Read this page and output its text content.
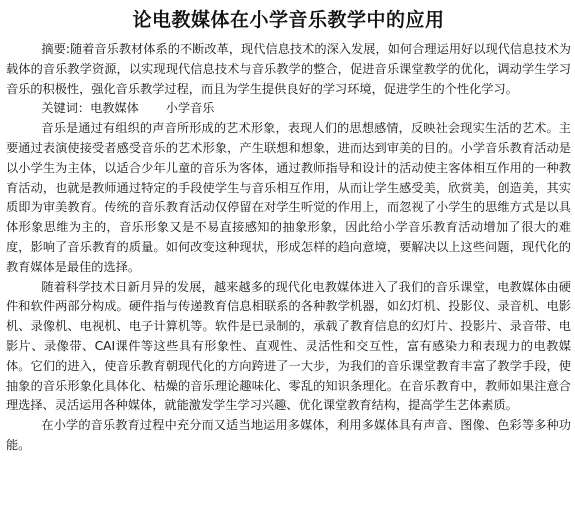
论电教媒体在小学音乐教学中的应用

摘要:随着音乐教材体系的不断改革，现代信息技术的深入发展，如何合理运用好以现代信息技术为载体的音乐教学资源，以实现现代信息技术与音乐教学的整合，促进音乐课堂教学的优化，调动学生学习音乐的积极性，强化音乐教学过程，而且为学生提供良好的学习环境，促进学生的个性化学习。

关键词：电教媒体 小学音乐

音乐是通过有组织的声音所形成的艺术形象，表现人们的思想感情，反映社会现实生活的艺术。主要通过表演使接受者感受音乐的艺术形象，产生联想和想象，进而达到审美的目的。小学音乐教育活动是以小学生为主体，以适合少年儿童的音乐为客体，通过教师指导和设计的活动使主客体相互作用的一种教育活动，也就是教师通过特定的手段使学生与音乐相互作用，从而让学生感受美，欣赏美，创造美，其实质即为审美教育。传统的音乐教育活动仅停留在对学生听觉的作用上，而忽视了小学生的思维方式是以具体形象思维为主的，音乐形象又是不易直接感知的抽象形象，因此给小学音乐教育活动增加了很大的难度，影响了音乐教育的质量。如何改变这种现状，形成怎样的趋向意境，要解决以上这些问题，现代化的教育媒体是最佳的选择。

随着科学技术日新月异的发展，越来越多的现代化电教媒体进入了我们的音乐课堂，电教媒体由硬件和软件两部分构成。硬件指与传递教育信息相联系的各种教学机器，如幻灯机、投影仪、录音机、电影机、录像机、电视机、电子计算机等。软件是已录制的，承载了教育信息的幻灯片、投影片、录音带、电影片、录像带、CAI课件等这些具有形象性、直观性、灵活性和交互性，富有感染力和表现力的电教媒体。它们的进入，使音乐教育朝现代化的方向跨进了一大步，为我们的音乐课堂教育丰富了教学手段，使抽象的音乐形象化具体化、枯燥的音乐理论趣味化、零乱的知识条理化。在音乐教育中，教师如果注意合理选择、灵活运用各种媒体，就能激发学生学习兴趣、优化课堂教育结构，提高学生艺体素质。

在小学的音乐教育过程中充分而又适当地运用多媒体，利用多媒体具有声音、图像、色彩等多种功能。
